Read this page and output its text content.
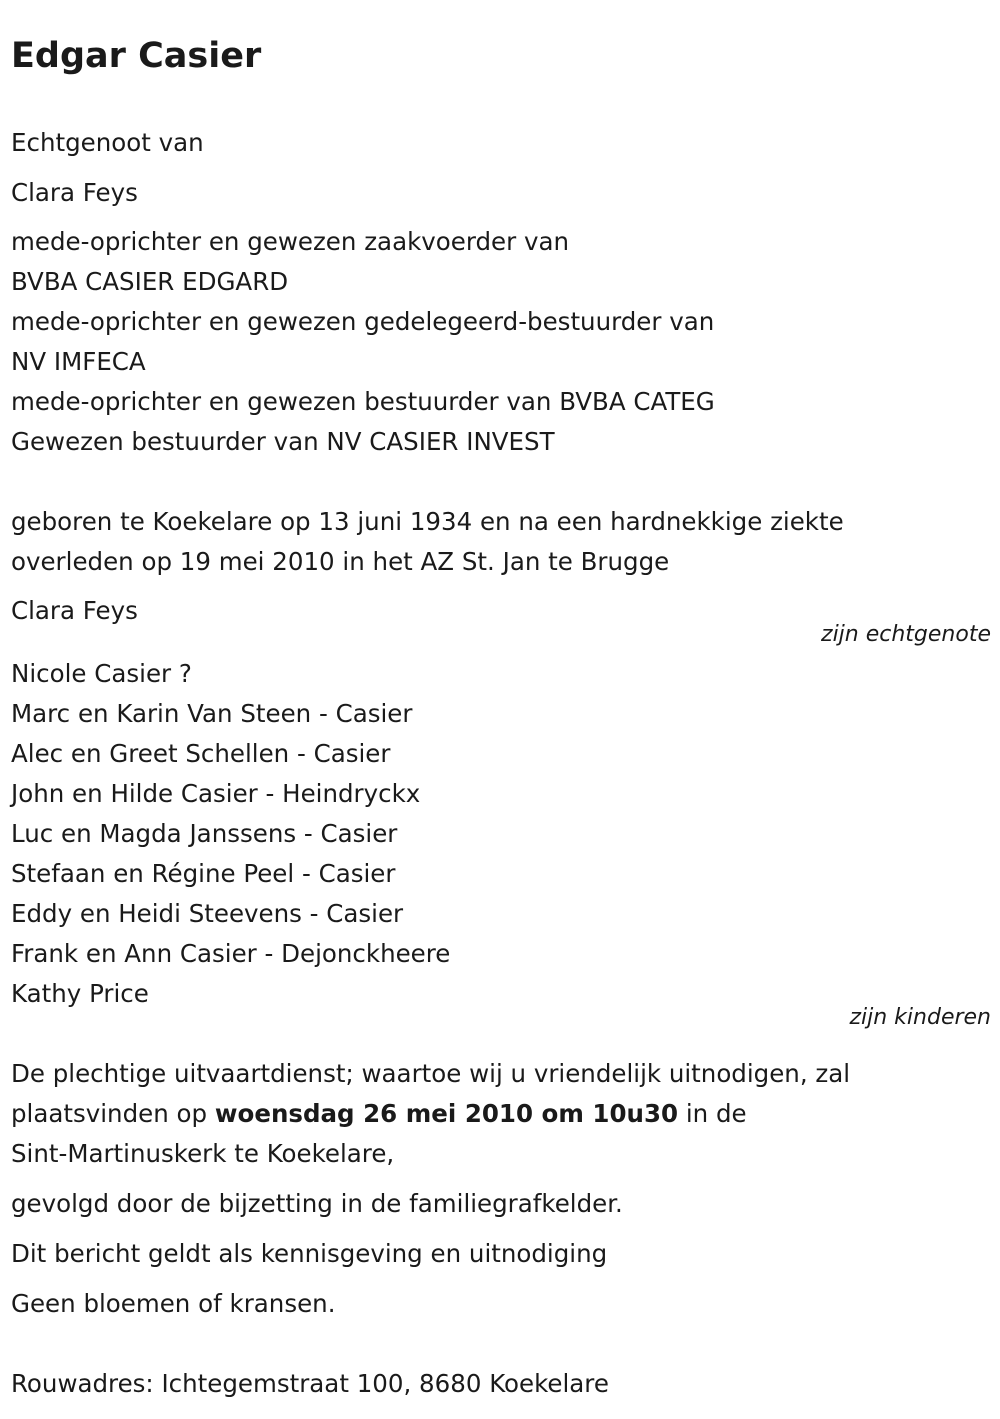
Edgar Casier
Echtgenoot van
Clara Feys
mede-oprichter en gewezen zaakvoerder van
BVBA CASIER EDGARD
mede-oprichter en gewezen gedelegeerd-bestuurder van
NV IMFECA
mede-oprichter en gewezen bestuurder van BVBA CATEG
Gewezen bestuurder van NV CASIER INVEST
geboren te Koekelare op 13 juni 1934 en na een hardnekkige ziekte
overleden op 19 mei 2010 in het AZ St. Jan te Brugge
Clara Feys
zijn echtgenote
Nicole Casier ?
Marc en Karin Van Steen - Casier
Alec en Greet Schellen - Casier
John en Hilde Casier - Heindryckx
Luc en Magda Janssens - Casier
Stefaan en Régine Peel - Casier
Eddy en Heidi Steevens - Casier
Frank en Ann Casier - Dejonckheere
Kathy Price
zijn kinderen
De plechtige uitvaartdienst; waartoe wij u vriendelijk uitnodigen, zal
plaatsvinden op woensdag 26 mei 2010 om 10u30 in de
Sint-Martinuskerk te Koekelare,
gevolgd door de bijzetting in de familiegrafkelder.
Dit bericht geldt als kennisgeving en uitnodiging
Geen bloemen of kransen.
Rouwadres: Ichtegemstraat 100, 8680 Koekelare
